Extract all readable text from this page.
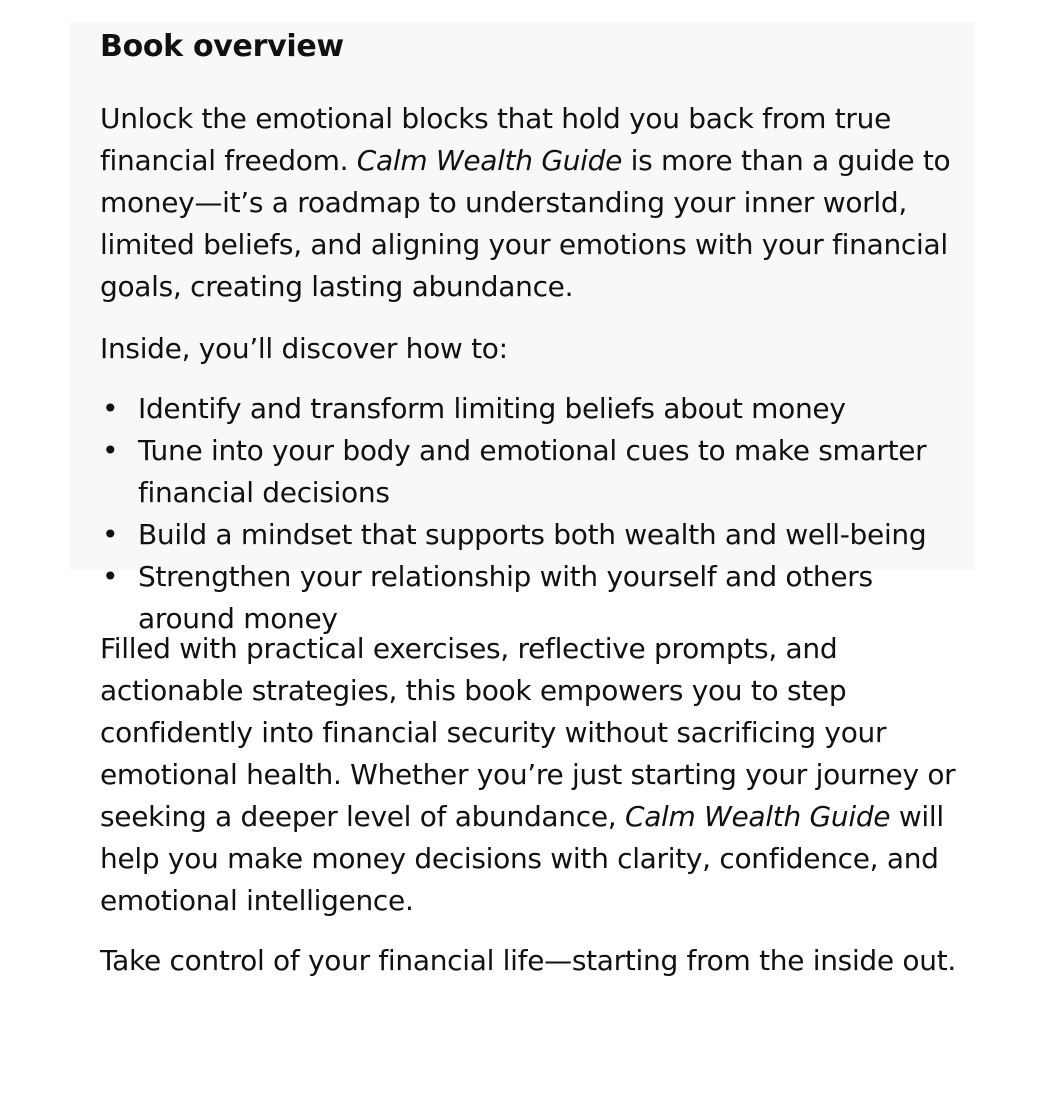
Book overview

Unlock the emotional blocks that hold you back from true financial freedom. Calm Wealth Guide is more than a guide to money—it’s a roadmap to understanding your inner world, limited beliefs, and aligning your emotions with your financial goals, creating lasting abundance.

Inside, you’ll discover how to:

• Identify and transform limiting beliefs about money
• Tune into your body and emotional cues to make smarter financial decisions
• Build a mindset that supports both wealth and well-being
• Strengthen your relationship with yourself and others around money

Filled with practical exercises, reflective prompts, and actionable strategies, this book empowers you to step confidently into financial security without sacrificing your emotional health. Whether you’re just starting your journey or seeking a deeper level of abundance, Calm Wealth Guide will help you make money decisions with clarity, confidence, and emotional intelligence.

Take control of your financial life—starting from the inside out.
